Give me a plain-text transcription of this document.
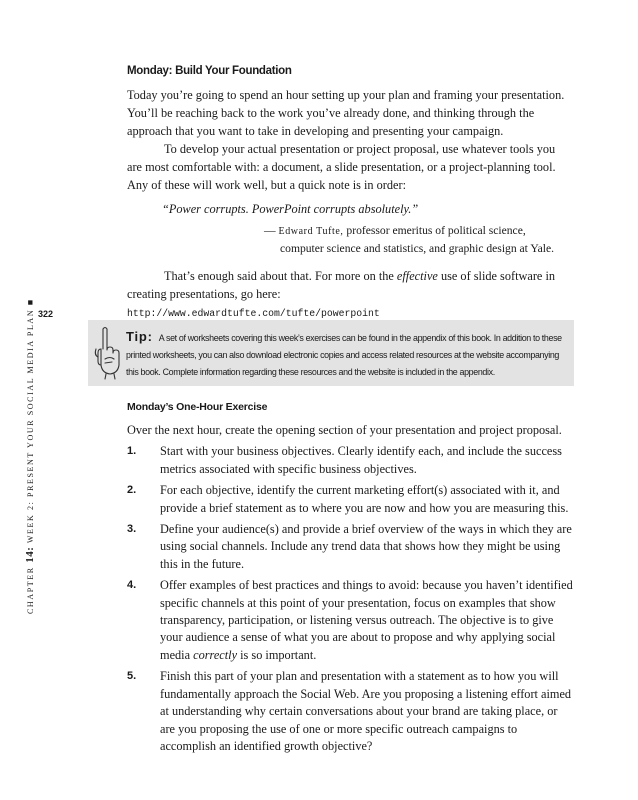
322
CHAPTER 14: WEEK 2: PRESENT YOUR SOCIAL MEDIA PLAN ■
Monday: Build Your Foundation

Today you’re going to spend an hour setting up your plan and framing your presentation. You’ll be reaching back to the work you’ve already done, and thinking through the approach that you want to take in developing and presenting your campaign.

To develop your actual presentation or project proposal, use whatever tools you are most comfortable with: a document, a slide presentation, or a project-planning tool. Any of these will work well, but a quick note is in order:

“Power corrupts. PowerPoint corrupts absolutely.”
— Edward Tufte, professor emeritus of political science,
computer science and statistics, and graphic design at Yale.

That’s enough said about that. For more on the effective use of slide software in creating presentations, go here:

http://www.edwardtufte.com/tufte/powerpoint
Tip: A set of worksheets covering this week’s exercises can be found in the appendix of this book. In addition to these printed worksheets, you can also download electronic copies and access related resources at the website accompanying this book. Complete information regarding these resources and the website is included in the appendix.
Monday’s One-Hour Exercise

Over the next hour, create the opening section of your presentation and project proposal.

1.	Start with your business objectives. Clearly identify each, and include the success metrics associated with specific business objectives.
2.	For each objective, identify the current marketing effort(s) associated with it, and provide a brief statement as to where you are now and how you are measuring this.
3.	Define your audience(s) and provide a brief overview of the ways in which they are using social channels. Include any trend data that shows how they might be using this in the future.
4.	Offer examples of best practices and things to avoid: because you haven’t identified specific channels at this point of your presentation, focus on examples that show transparency, participation, or listening versus outreach. The objective is to give your audience a sense of what you are about to propose and why applying social media correctly is so important.
5.	Finish this part of your plan and presentation with a statement as to how you will fundamentally approach the Social Web. Are you proposing a listening effort aimed at understanding why certain conversations about your brand are taking place, or are you proposing the use of one or more specific outreach campaigns to accomplish an identified growth objective?
